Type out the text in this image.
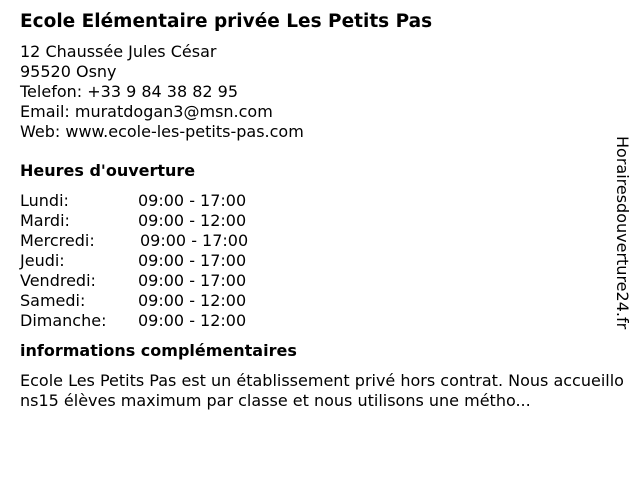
Ecole Elémentaire privée Les Petits Pas
12 Chaussée Jules César
95520 Osny
Telefon: +33 9 84 38 82 95
Email: muratdogan3@msn.com
Web: www.ecole-les-petits-pas.com
Heures d'ouverture
Lundi:	09:00 - 17:00
Mardi:	09:00 - 12:00
Mercredi:	09:00 - 17:00
Jeudi:	09:00 - 17:00
Vendredi:	09:00 - 17:00
Samedi:	09:00 - 12:00
Dimanche:	09:00 - 12:00
informations complémentaires
Ecole Les Petits Pas est un établissement privé hors contrat. Nous accueillons15 élèves maximum par classe et nous utilisons une métho...
Horairesdouverture24.fr
